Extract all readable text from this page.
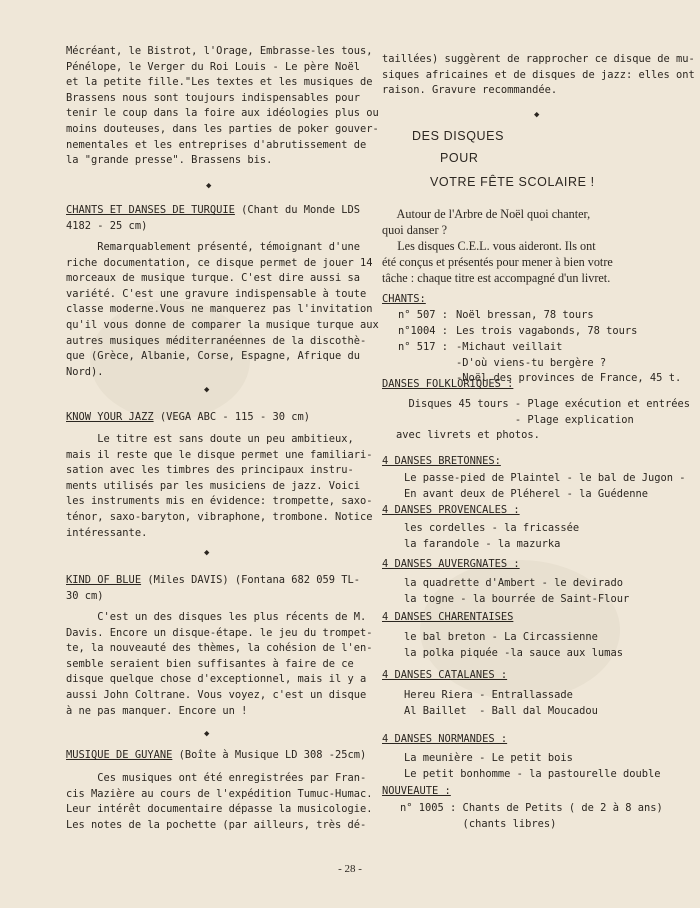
Mécréant, le Bistrot, l'Orage, Embrasse-les tous,
Pénélope, le Verger du Roi Louis - Le père Noël
et la petite fille."Les textes et les musiques de
Brassens nous sont toujours indispensables pour
tenir le coup dans la foire aux idéologies plus ou
moins douteuses, dans les parties de poker gouver-
nementales et les entreprises d'abrutissement de
la "grande presse". Brassens bis.
◆
CHANTS ET DANSES DE TURQUIE (Chant du Monde LDS
4182 - 25 cm)
Remarquablement présenté, témoignant d'une
riche documentation, ce disque permet de jouer 14
morceaux de musique turque. C'est dire aussi sa
variété. C'est une gravure indispensable à toute
classe moderne.Vous ne manquerez pas l'invitation
qu'il vous donne de comparer la musique turque aux
autres musiques méditerranéennes de la discothè-
que (Grèce, Albanie, Corse, Espagne, Afrique du
Nord).
◆
KNOW YOUR JAZZ (VEGA ABC - 115 - 30 cm)
Le titre est sans doute un peu ambitieux,
mais il reste que le disque permet une familiari-
sation avec les timbres des principaux instru-
ments utilisés par les musiciens de jazz. Voici
les instruments mis en évidence: trompette, saxo-
ténor, saxo-baryton, vibraphone, trombone. Notice
intéressante.
◆
KIND OF BLUE (Miles DAVIS) (Fontana 682 059 TL-
30 cm)
C'est un des disques les plus récents de M.
Davis. Encore un disque-étape. le jeu du trompet-
te, la nouveauté des thèmes, la cohésion de l'en-
semble seraient bien suffisantes à faire de ce
disque quelque chose d'exceptionnel, mais il y a
aussi John Coltrane. Vous voyez, c'est un disque
à ne pas manquer. Encore un !
◆
MUSIQUE DE GUYANE (Boîte à Musique LD 308 -25cm)
Ces musiques ont été enregistrées par Fran-
cis Mazière au cours de l'expédition Tumuc-Humac.
Leur intérêt documentaire dépasse la musicologie.
Les notes de la pochette (par ailleurs, très dé-
taillées) suggèrent de rapprocher ce disque de mu-
siques africaines et de disques de jazz: elles ont
raison. Gravure recommandée.
◆
DES DISQUES
POUR
VOTRE FÊTE SCOLAIRE !
Autour de l'Arbre de Noël quoi chanter,
quoi danser ?
Les disques C.E.L. vous aideront. Ils ont
été conçus et présentés pour mener à bien votre
tâche : chaque titre est accompagné d'un livret.
CHANTS:
n° 507 : Noël bressan, 78 tours
n°1004 : Les trois vagabonds, 78 tours
n° 517 : -Michaut veillait
-D'où viens-tu bergère ?
-Noël des provinces de France, 45 t.
DANSES FOLKLORIQUES :
Disques 45 tours - Plage exécution et entrées
- Plage explication
avec livrets et photos.
4 DANSES BRETONNES:
Le passe-pied de Plaintel - le bal de Jugon -
En avant deux de Pléherel - la Guédenne
4 DANSES PROVENCALES :
les cordelles - la fricassée
la farandole - la mazurka
4 DANSES AUVERGNATES :
la quadrette d'Ambert - le devirado
la togne - la bourrée de Saint-Flour
4 DANSES CHARENTAISES
le bal breton - La Circassienne
la polka piquée -la sauce aux lumas
4 DANSES CATALANES :
Hereu Riera - Entrallassade
Al Baillet  - Ball dal Moucadou
4 DANSES NORMANDES :
La meunière - Le petit bois
Le petit bonhomme - la pastourelle double
NOUVEAUTE :
n° 1005 : Chants de Petits ( de 2 à 8 ans)
(chants libres)
- 28 -
